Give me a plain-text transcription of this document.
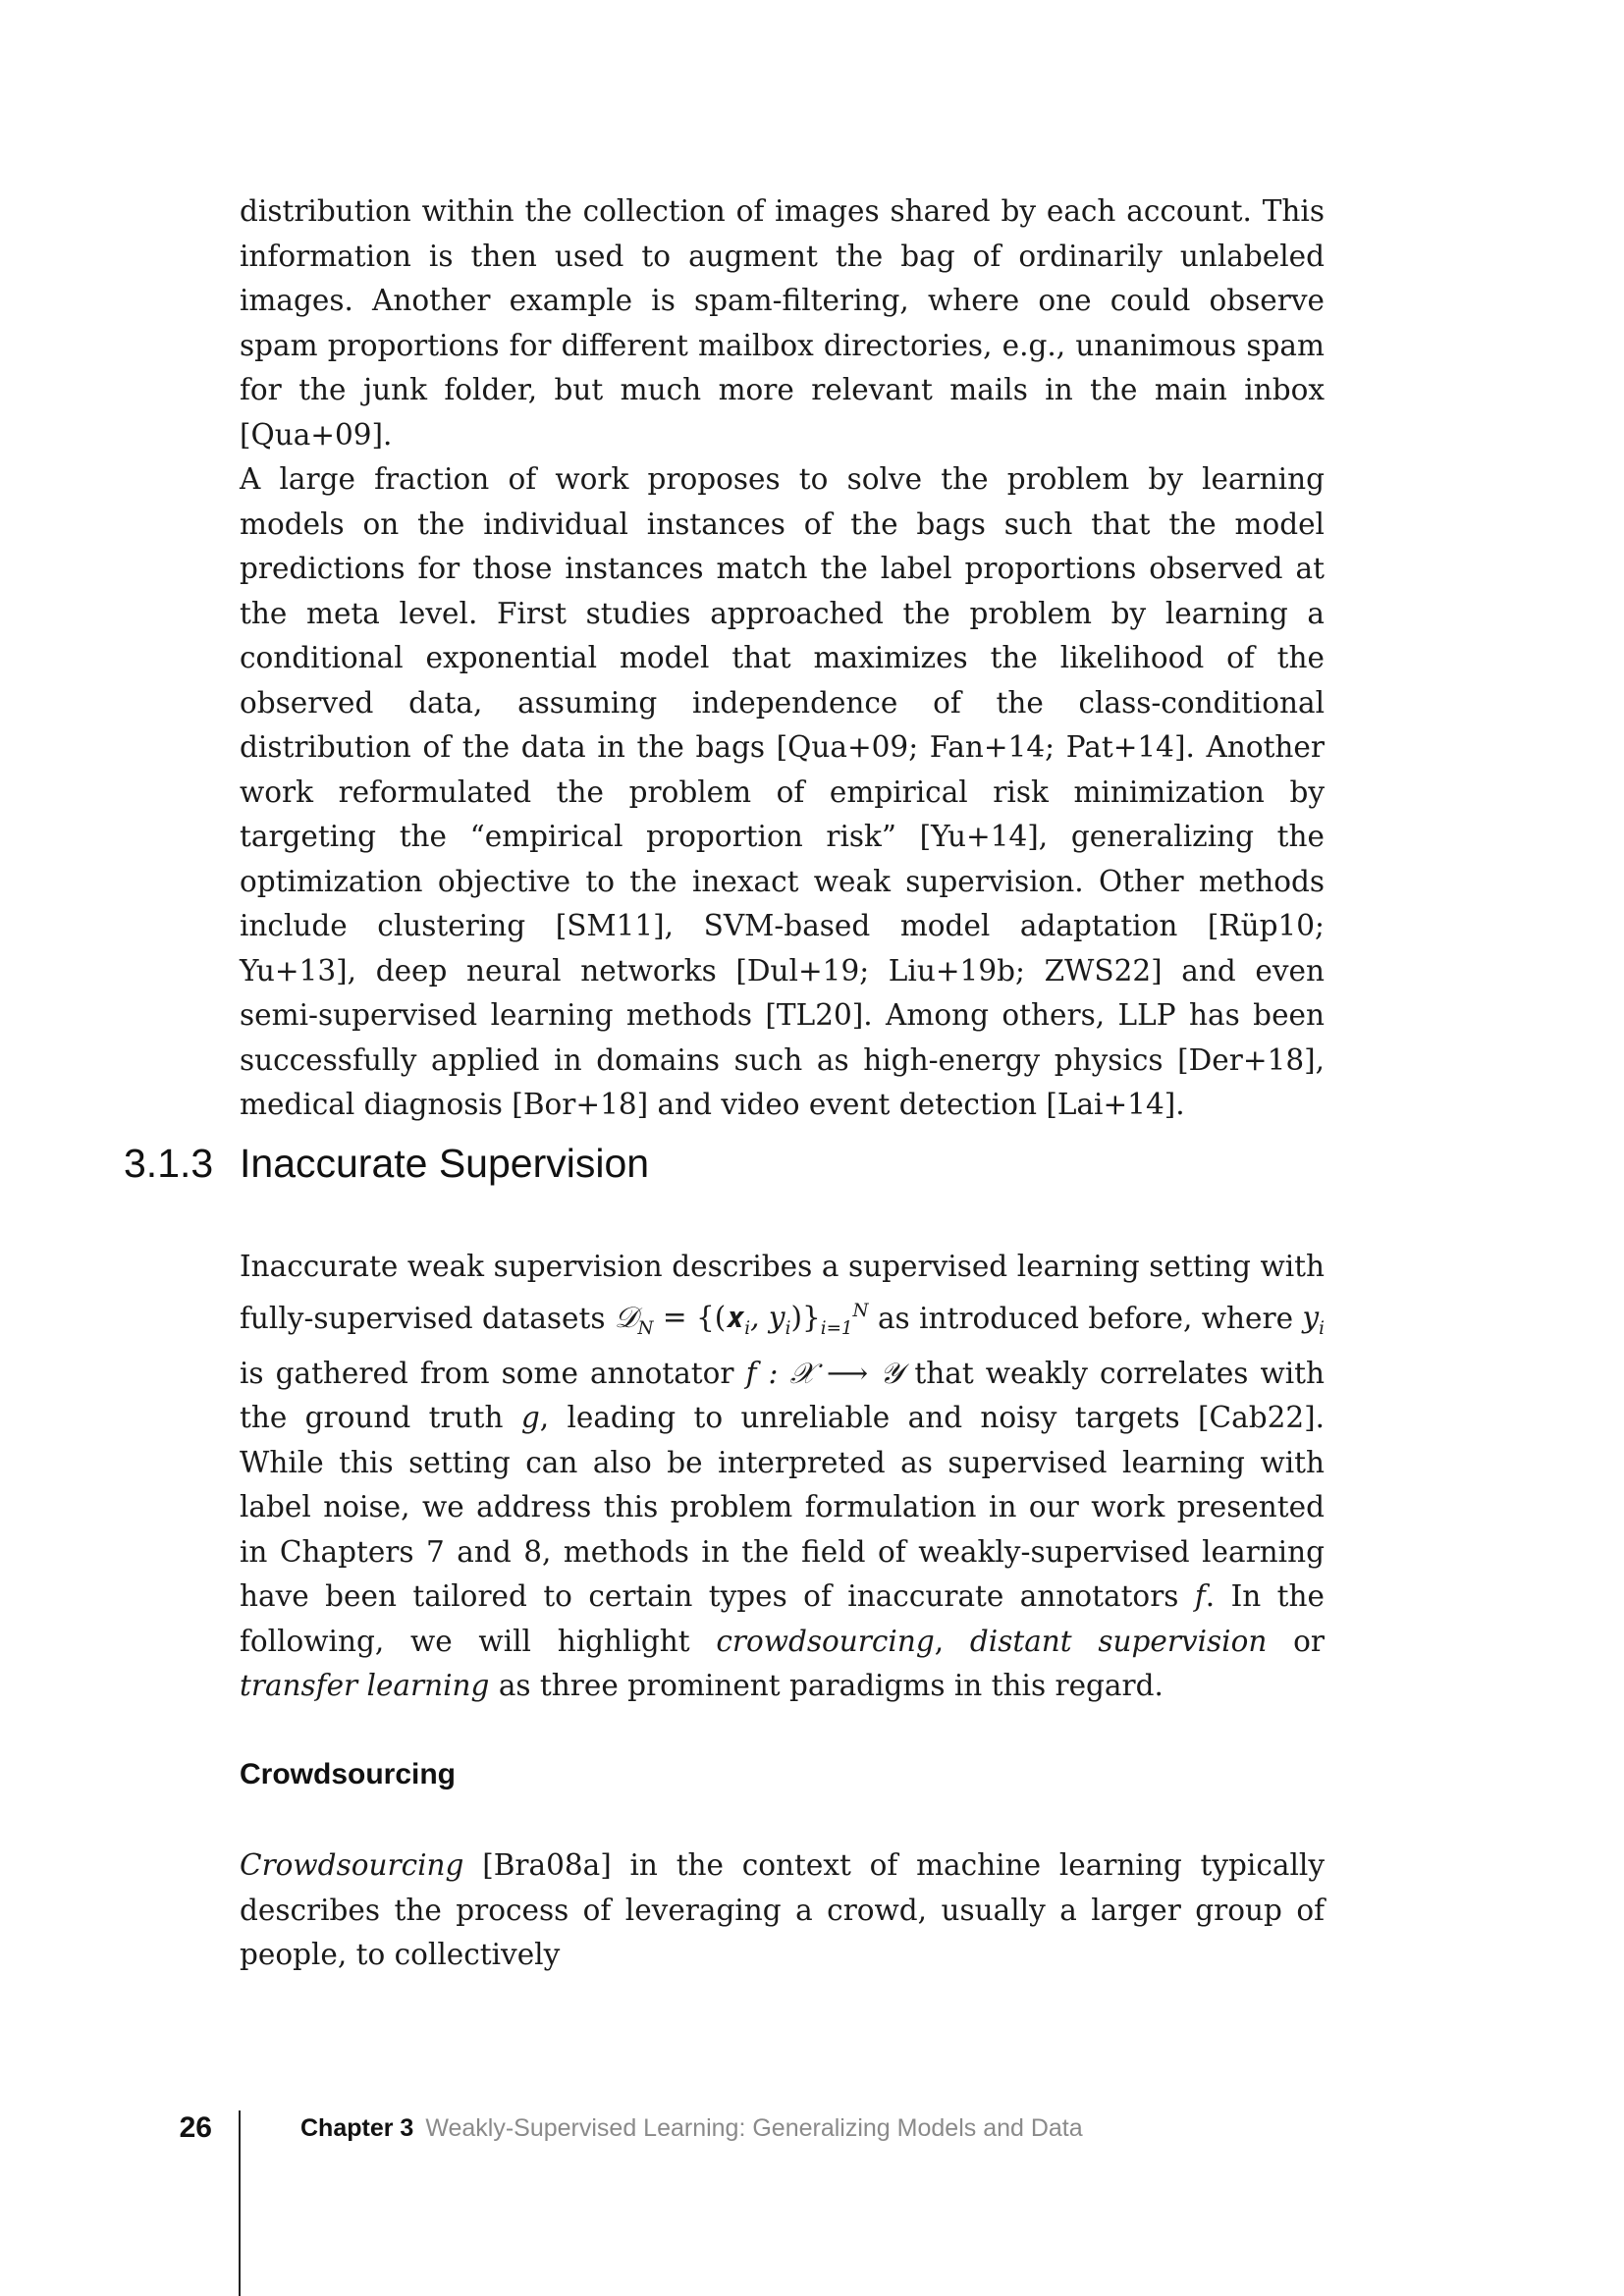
distribution within the collection of images shared by each account. This information is then used to augment the bag of ordinarily unlabeled images. Another example is spam-filtering, where one could observe spam proportions for different mailbox directories, e.g., unanimous spam for the junk folder, but much more relevant mails in the main inbox [Qua+09].

A large fraction of work proposes to solve the problem by learning models on the individual instances of the bags such that the model predictions for those instances match the label proportions observed at the meta level. First studies approached the problem by learning a conditional exponential model that maximizes the likelihood of the observed data, assuming independence of the class-conditional distribution of the data in the bags [Qua+09; Fan+14; Pat+14]. Another work reformulated the problem of empirical risk minimization by targeting the “empirical proportion risk” [Yu+14], generalizing the optimization objective to the inexact weak supervision. Other methods include clustering [SM11], SVM-based model adaptation [Rüp10; Yu+13], deep neural networks [Dul+19; Liu+19b; ZWS22] and even semi-supervised learning methods [TL20]. Among others, LLP has been successfully applied in domains such as high-energy physics [Der+18], medical diagnosis [Bor+18] and video event detection [Lai+14].

3.1.3 Inaccurate Supervision

Inaccurate weak supervision describes a supervised learning setting with fully-supervised datasets 𝒟$_N$ = {(𝒙$_i$, $y_i)\}_{i=1}^N$ as introduced before, where $y_i$ is gathered from some annotator f : 𝒳 ⟶ 𝒴 that weakly correlates with the ground truth g, leading to unreliable and noisy targets [Cab22]. While this setting can also be interpreted as supervised learning with label noise, we address this problem formulation in our work presented in Chapters 7 and 8, methods in the field of weakly-supervised learning have been tailored to certain types of inaccurate annotators f. In the following, we will highlight crowdsourcing, distant supervision or transfer learning as three prominent paradigms in this regard.

Crowdsourcing

Crowdsourcing [Bra08a] in the context of machine learning typically describes the process of leveraging a crowd, usually a larger group of people, to collectively

26	Chapter 3 Weakly-Supervised Learning: Generalizing Models and Data
